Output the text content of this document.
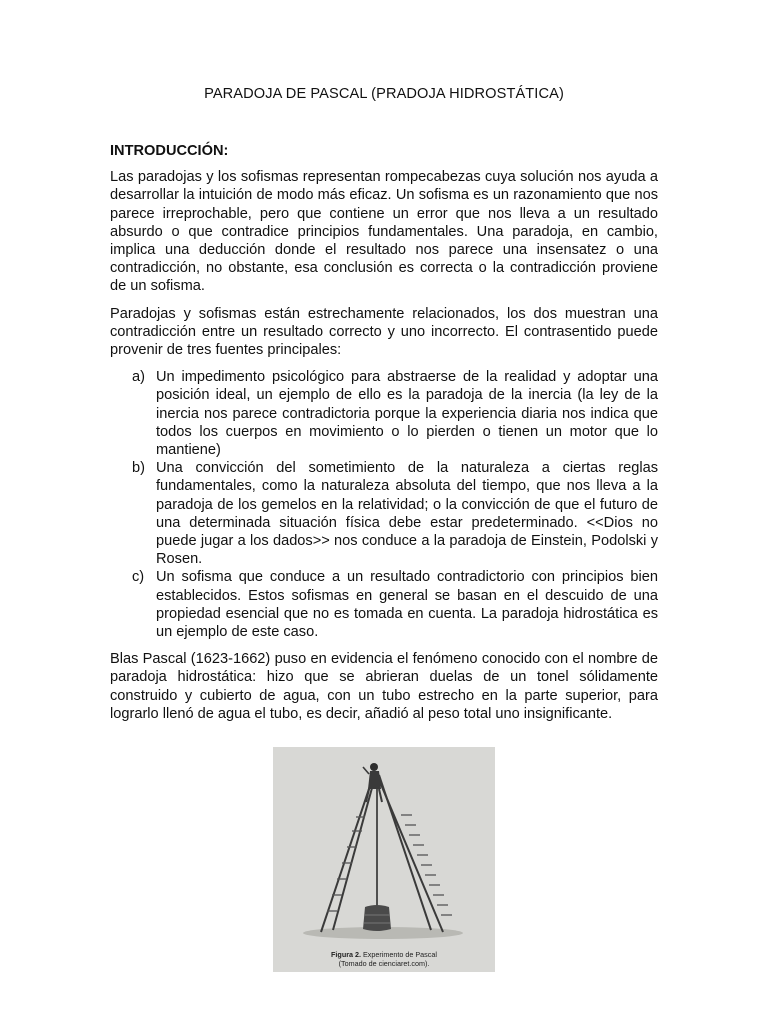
PARADOJA DE PASCAL (PRADOJA HIDROSTÁTICA)
INTRODUCCIÓN:

Las paradojas y los sofismas representan rompecabezas cuya solución nos ayuda a desarrollar la intuición de modo más eficaz. Un sofisma es un razonamiento que nos parece irreprochable, pero que contiene un error que nos lleva a un resultado absurdo o que contradice principios fundamentales. Una paradoja, en cambio, implica una deducción donde el resultado nos parece una insensatez o una contradicción, no obstante, esa conclusión es correcta o la contradicción proviene de un sofisma.

Paradojas y sofismas están estrechamente relacionados, los dos muestran una contradicción entre un resultado correcto y uno incorrecto. El contrasentido puede provenir de tres fuentes principales:

a) Un impedimento psicológico para abstraerse de la realidad y adoptar una posición ideal, un ejemplo de ello es la paradoja de la inercia (la ley de la inercia nos parece contradictoria porque la experiencia diaria nos indica que todos los cuerpos en movimiento o lo pierden o tienen un motor que lo mantiene)
b) Una convicción del sometimiento de la naturaleza a ciertas reglas fundamentales, como la naturaleza absoluta del tiempo, que nos lleva a la paradoja de los gemelos en la relatividad; o la convicción de que el futuro de una determinada situación física debe estar predeterminado. <<Dios no puede jugar a los dados>> nos conduce a la paradoja de Einstein, Podolski y Rosen.
c) Un sofisma que conduce a un resultado contradictorio con principios bien establecidos. Estos sofismas en general se basan en el descuido de una propiedad esencial que no es tomada en cuenta. La paradoja hidrostática es un ejemplo de este caso.

Blas Pascal (1623-1662) puso en evidencia el fenómeno conocido con el nombre de paradoja hidrostática: hizo que se abrieran duelas de un tonel sólidamente construido y cubierto de agua, con un tubo estrecho en la parte superior, para lograrlo llenó de agua el tubo, es decir, añadió al peso total uno insignificante.

Figura 2. Experimento de Pascal
(Tomado de cienciaret.com).
